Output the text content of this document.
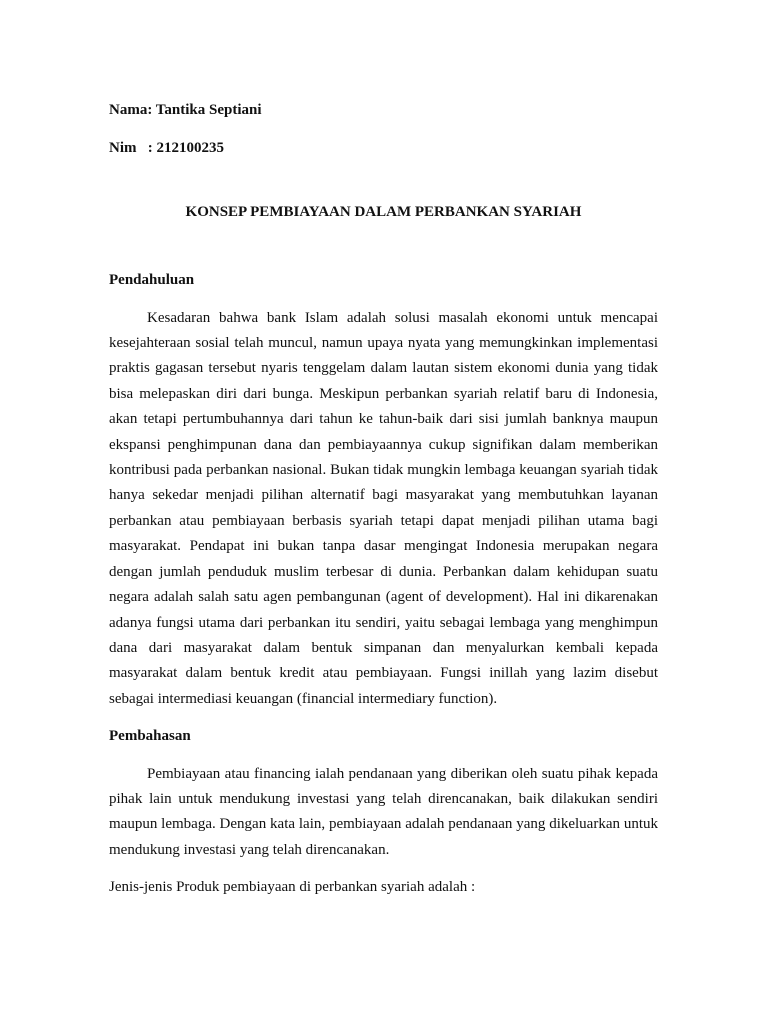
Nama: Tantika Septiani

Nim   : 212100235

KONSEP PEMBIAYAAN DALAM PERBANKAN SYARIAH

Pendahuluan

Kesadaran bahwa bank Islam adalah solusi masalah ekonomi untuk mencapai kesejahteraan sosial telah muncul, namun upaya nyata yang memungkinkan implementasi praktis gagasan tersebut nyaris tenggelam dalam lautan sistem ekonomi dunia yang tidak bisa melepaskan diri dari bunga. Meskipun perbankan syariah relatif baru di Indonesia, akan tetapi pertumbuhannya dari tahun ke tahun-baik dari sisi jumlah banknya maupun ekspansi penghimpunan dana dan pembiayaannya cukup signifikan dalam memberikan kontribusi pada perbankan nasional. Bukan tidak mungkin lembaga keuangan syariah tidak hanya sekedar menjadi pilihan alternatif bagi masyarakat yang membutuhkan layanan perbankan atau pembiayaan berbasis syariah tetapi dapat menjadi pilihan utama bagi masyarakat. Pendapat ini bukan tanpa dasar mengingat Indonesia merupakan negara dengan jumlah penduduk muslim terbesar di dunia. Perbankan dalam kehidupan suatu negara adalah salah satu agen pembangunan (agent of development). Hal ini dikarenakan adanya fungsi utama dari perbankan itu sendiri, yaitu sebagai lembaga yang menghimpun dana dari masyarakat dalam bentuk simpanan dan menyalurkan kembali kepada masyarakat dalam bentuk kredit atau pembiayaan. Fungsi inillah yang lazim disebut sebagai intermediasi keuangan (financial intermediary function).

Pembahasan

Pembiayaan atau financing ialah pendanaan yang diberikan oleh suatu pihak kepada pihak lain untuk mendukung investasi yang telah direncanakan, baik dilakukan sendiri maupun lembaga. Dengan kata lain, pembiayaan adalah pendanaan yang dikeluarkan untuk mendukung investasi yang telah direncanakan.

Jenis-jenis Produk pembiayaan di perbankan syariah adalah :
